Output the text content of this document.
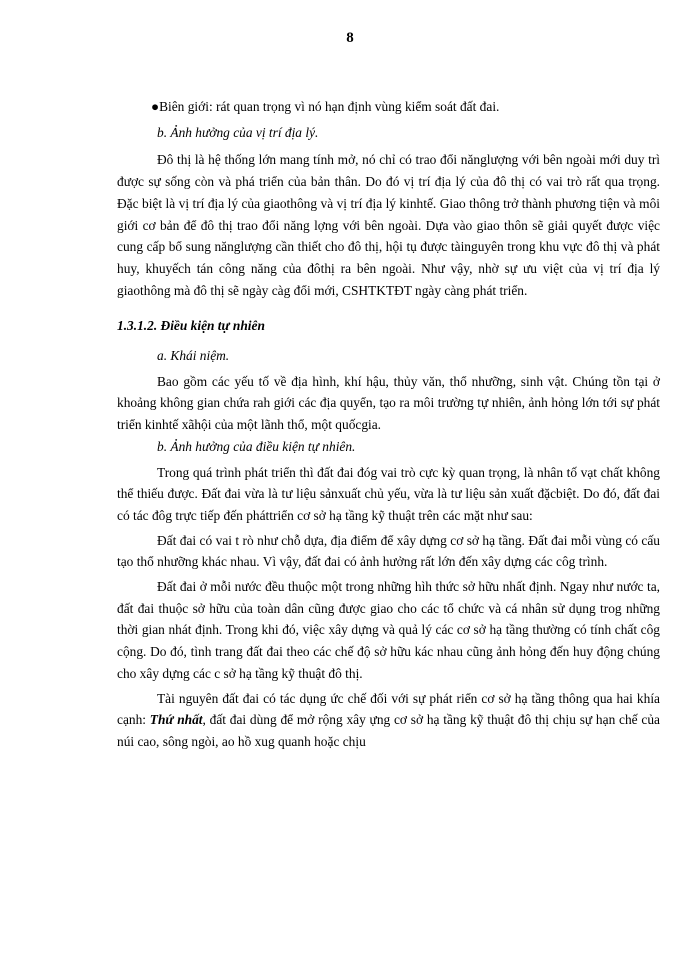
8

●Biên giới: rát quan trọng vì nó hạn định vùng kiểm soát đất đai.

b. Ảnh hưởng của vị trí địa lý.

Đô thị là hệ thống lớn mang tính mở, nó chỉ có trao đổi nănglượng với bên ngoài mới duy trì được sự sống còn và phá triển của bản thân. Do đó vị trí địa lý của đô thị có vai trò rất qua trọng. Đặc biệt là vị trí địa lý của giaothông và vị trí địa lý kinhtế. Giao thông trở thành phương tiện và môi giới cơ bản để đô thị trao đổi năng lợng với bên ngoài. Dựa vào giao thôn sẽ giải quyết được việc cung cấp bổ sung nănglượng cần thiết cho đô thị, hội tụ được tàinguyên trong khu vực đô thị và phát huy, khuyếch tán công năng của đôthị ra bên ngoài. Như vậy, nhờ sự ưu việt của vị trí địa lý giaothông mà đô thị sẽ ngày càg đổi mới, CSHTKTĐT ngày càng phát triển.

1.3.1.2. Điều kiện tự nhiên

a. Khái niệm.

Bao gồm các yếu tố về địa hình, khí hậu, thủy văn, thổ nhưỡng, sinh vật. Chúng tồn tại ở khoảng không gian chứa rah giới các địa quyển, tạo ra môi trường tự nhiên, ảnh hỏng lớn tới sự phát triển kinhtế xãhội của một lãnh thổ, một quốcgia.

b. Ảnh hưởng của điều kiện tự nhiên.

Trong quá trình phát triển thì đất đai đóg vai trò cực kỳ quan trọng, là nhân tố vạt chất không thể thiếu được. Đất đai vừa là tư liệu sảnxuất chủ yếu, vừa là tư liệu sản xuất đặcbiệt. Do đó, đất đai có tác đôg trực tiếp đến pháttriển cơ sở hạ tầng kỹ thuật trên các mặt như sau:

Đất đai có vai t rò như chỗ dựa, địa điểm để xây dựng cơ sở hạ tầng. Đất đai mỗi vùng có cấu tạo thổ nhưỡng khác nhau. Vì vậy, đất đai có ảnh hưởng rất lớn đến xây dựng các côg trình.

Đất đai ở mỗi nước đều thuộc một trong những hìh thức sở hữu nhất định. Ngay như nước ta, đất đai thuộc sở hữu của toàn dân cũng được giao cho các tổ chức và cá nhân sử dụng trog những thời gian nhát định. Trong khi đó, việc xây dựng và quả lý các cơ sở hạ tầng thường có tính chất côg cộng. Do đó, tình trang đất đai theo các chế độ sở hữu kác nhau cũng ảnh hỏng đến huy động chúng cho xây dựng các c sở hạ tầng kỹ thuật đô thị.

Tài nguyên đất đai có tác dụng ức chế đối với sự phát riển cơ sở hạ tầng thông qua hai khía cạnh: Thứ nhất, đất đai dùng để mở rộng xây ựng cơ sở hạ tầng kỹ thuật đô thị chịu sự hạn chế của núi cao, sông ngòi, ao hồ xug quanh hoặc chịu
